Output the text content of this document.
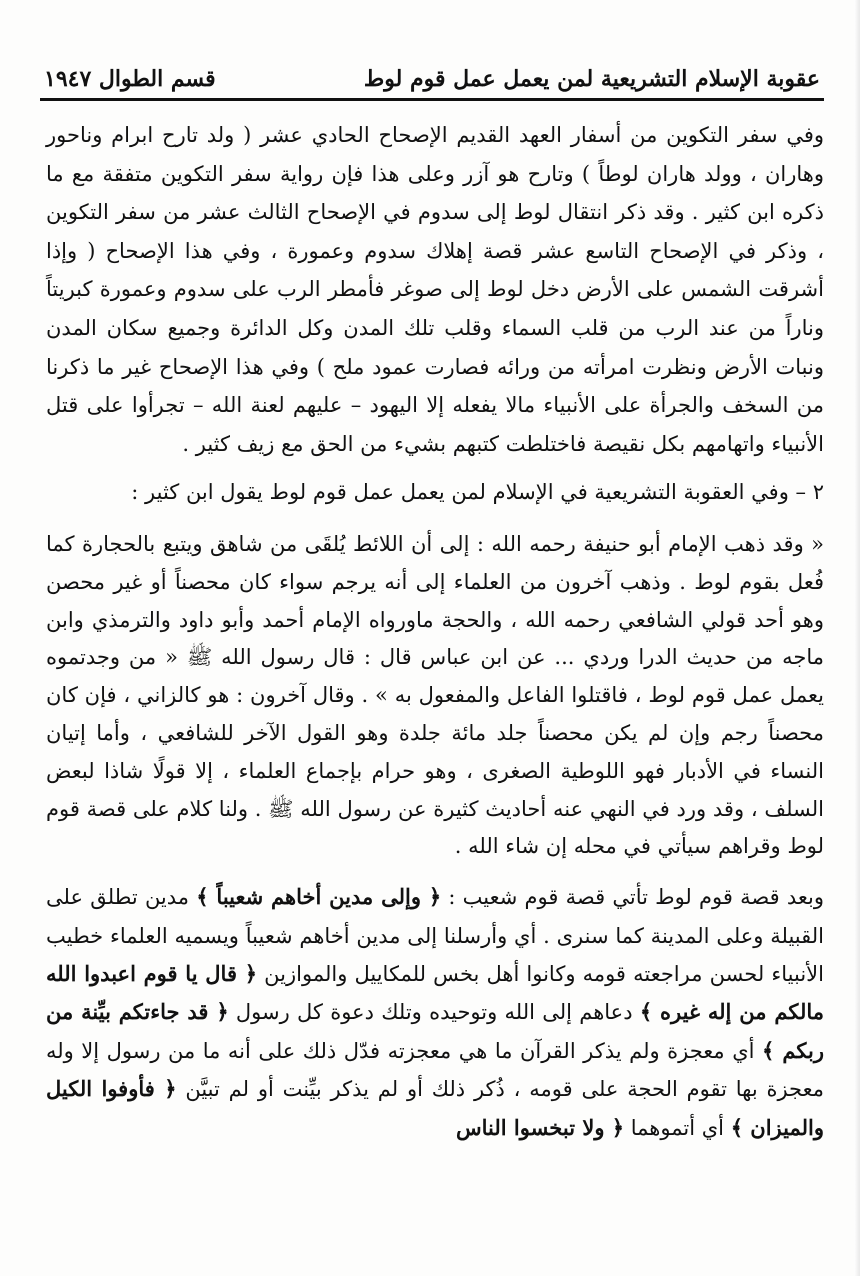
عقوبة الإسلام التشريعية لمن يعمل عمل قوم لوط
قسم الطوال ١٩٤٧

وفي سفر التكوين من أسفار العهد القديم الإصحاح الحادي عشر ( ولد تارح ابرام وناحور وهاران ، وولد هاران لوطاً ) وتارح هو آزر وعلى هذا فإن رواية سفر التكوين متفقة مع ما ذكره ابن كثير . وقد ذكر انتقال لوط إلى سدوم في الإصحاح الثالث عشر من سفر التكوين ، وذكر في الإصحاح التاسع عشر قصة إهلاك سدوم وعمورة ، وفي هذا الإصحاح ( وإذا أشرقت الشمس على الأرض دخل لوط إلى صوغر فأمطر الرب على سدوم وعمورة كبريتاً وناراً من عند الرب من قلب السماء وقلب تلك المدن وكل الدائرة وجميع سكان المدن ونبات الأرض ونظرت امرأته من ورائه فصارت عمود ملح ) وفي هذا الإصحاح غير ما ذكرنا من السخف والجرأة على الأنبياء مالا يفعله إلا اليهود – عليهم لعنة الله – تجرأوا على قتل الأنبياء واتهامهم بكل نقيصة فاختلطت كتبهم بشيء من الحق مع زيف كثير .

٢ – وفي العقوبة التشريعية في الإسلام لمن يعمل عمل قوم لوط يقول ابن كثير :

« وقد ذهب الإمام أبو حنيفة رحمه الله : إلى أن اللائط يُلقَى من شاهق ويتبع بالحجارة كما فُعل بقوم لوط . وذهب آخرون من العلماء إلى أنه يرجم سواء كان محصناً أو غير محصن وهو أحد قولي الشافعي رحمه الله ، والحجة ماورواه الإمام أحمد وأبو داود والترمذي وابن ماجه من حديث الدرا وردي ... عن ابن عباس قال : قال رسول الله ﷺ « من وجدتموه يعمل عمل قوم لوط ، فاقتلوا الفاعل والمفعول به » . وقال آخرون : هو كالزاني ، فإن كان محصناً رجم وإن لم يكن محصناً جلد مائة جلدة وهو القول الآخر للشافعي ، وأما إتيان النساء في الأدبار فهو اللوطية الصغرى ، وهو حرام بإجماع العلماء ، إلا قولًا شاذا لبعض السلف ، وقد ورد في النهي عنه أحاديث كثيرة عن رسول الله ﷺ . ولنا كلام على قصة قوم لوط وقراهم سيأتي في محله إن شاء الله .

وبعد قصة قوم لوط تأتي قصة قوم شعيب : ﴿ وإلى مدين أخاهم شعيباً ﴾ مدين تطلق على القبيلة وعلى المدينة كما سنرى . أي وأرسلنا إلى مدين أخاهم شعيباً ويسميه العلماء خطيب الأنبياء لحسن مراجعته قومه وكانوا أهل بخس للمكاييل والموازين ﴿ قال يا قوم اعبدوا الله مالكم من إله غيره ﴾ دعاهم إلى الله وتوحيده وتلك دعوة كل رسول ﴿ قد جاءتكم بيِّنة من ربكم ﴾ أي معجزة ولم يذكر القرآن ما هي معجزته فدّل ذلك على أنه ما من رسول إلا وله معجزة بها تقوم الحجة على قومه ، ذُكر ذلك أو لم يذكر بيِّنت أو لم تبيَّن ﴿ فأوفوا الكيل والميزان ﴾ أي أتموهما ﴿ ولا تبخسوا الناس
